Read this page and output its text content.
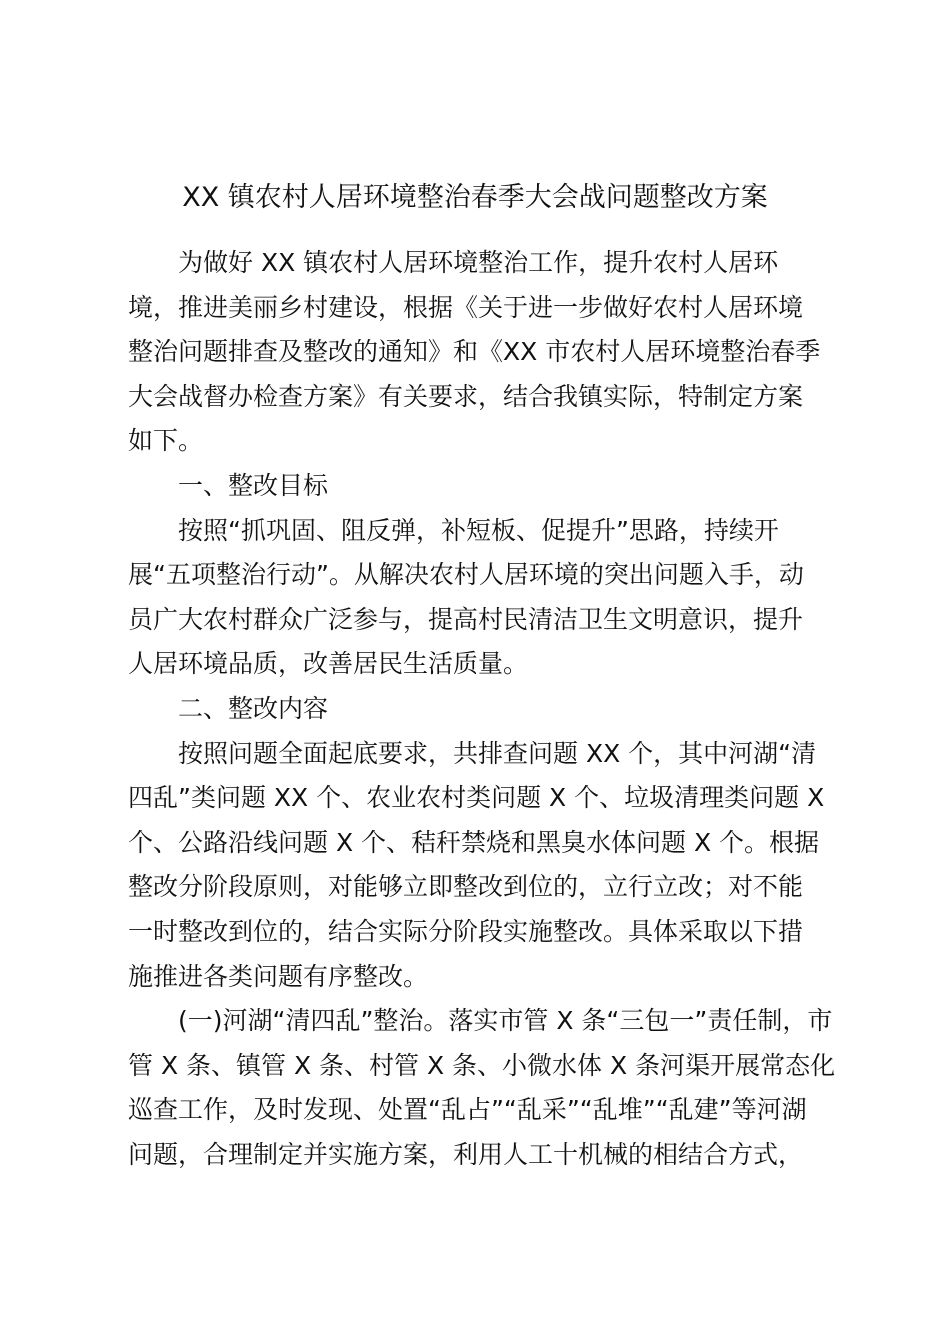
XX 镇农村人居环境整治春季大会战问题整改方案
为做好 XX 镇农村人居环境整治工作，提升农村人居环
境，推进美丽乡村建设，根据《关于进一步做好农村人居环境
整治问题排查及整改的通知》和《XX 市农村人居环境整治春季
大会战督办检查方案》有关要求，结合我镇实际，特制定方案
如下。
一、整改目标
按照“抓巩固、阻反弹，补短板、促提升”思路，持续开
展“五项整治行动”。从解决农村人居环境的突出问题入手，动
员广大农村群众广泛参与，提高村民清洁卫生文明意识，提升
人居环境品质，改善居民生活质量。
二、整改内容
按照问题全面起底要求，共排查问题 XX 个，其中河湖“清
四乱”类问题 XX 个、农业农村类问题 X 个、垃圾清理类问题 X
个、公路沿线问题 X 个、秸秆禁烧和黑臭水体问题 X 个。根据
整改分阶段原则，对能够立即整改到位的，立行立改；对不能
一时整改到位的，结合实际分阶段实施整改。具体采取以下措
施推进各类问题有序整改。
(一)河湖“清四乱”整治。落实市管 X 条“三包一”责任制，市
管 X 条、镇管 X 条、村管 X 条、小微水体 X 条河渠开展常态化
巡查工作，及时发现、处置“乱占”“乱采”“乱堆”“乱建”等河湖
问题，合理制定并实施方案，利用人工十机械的相结合方式，
